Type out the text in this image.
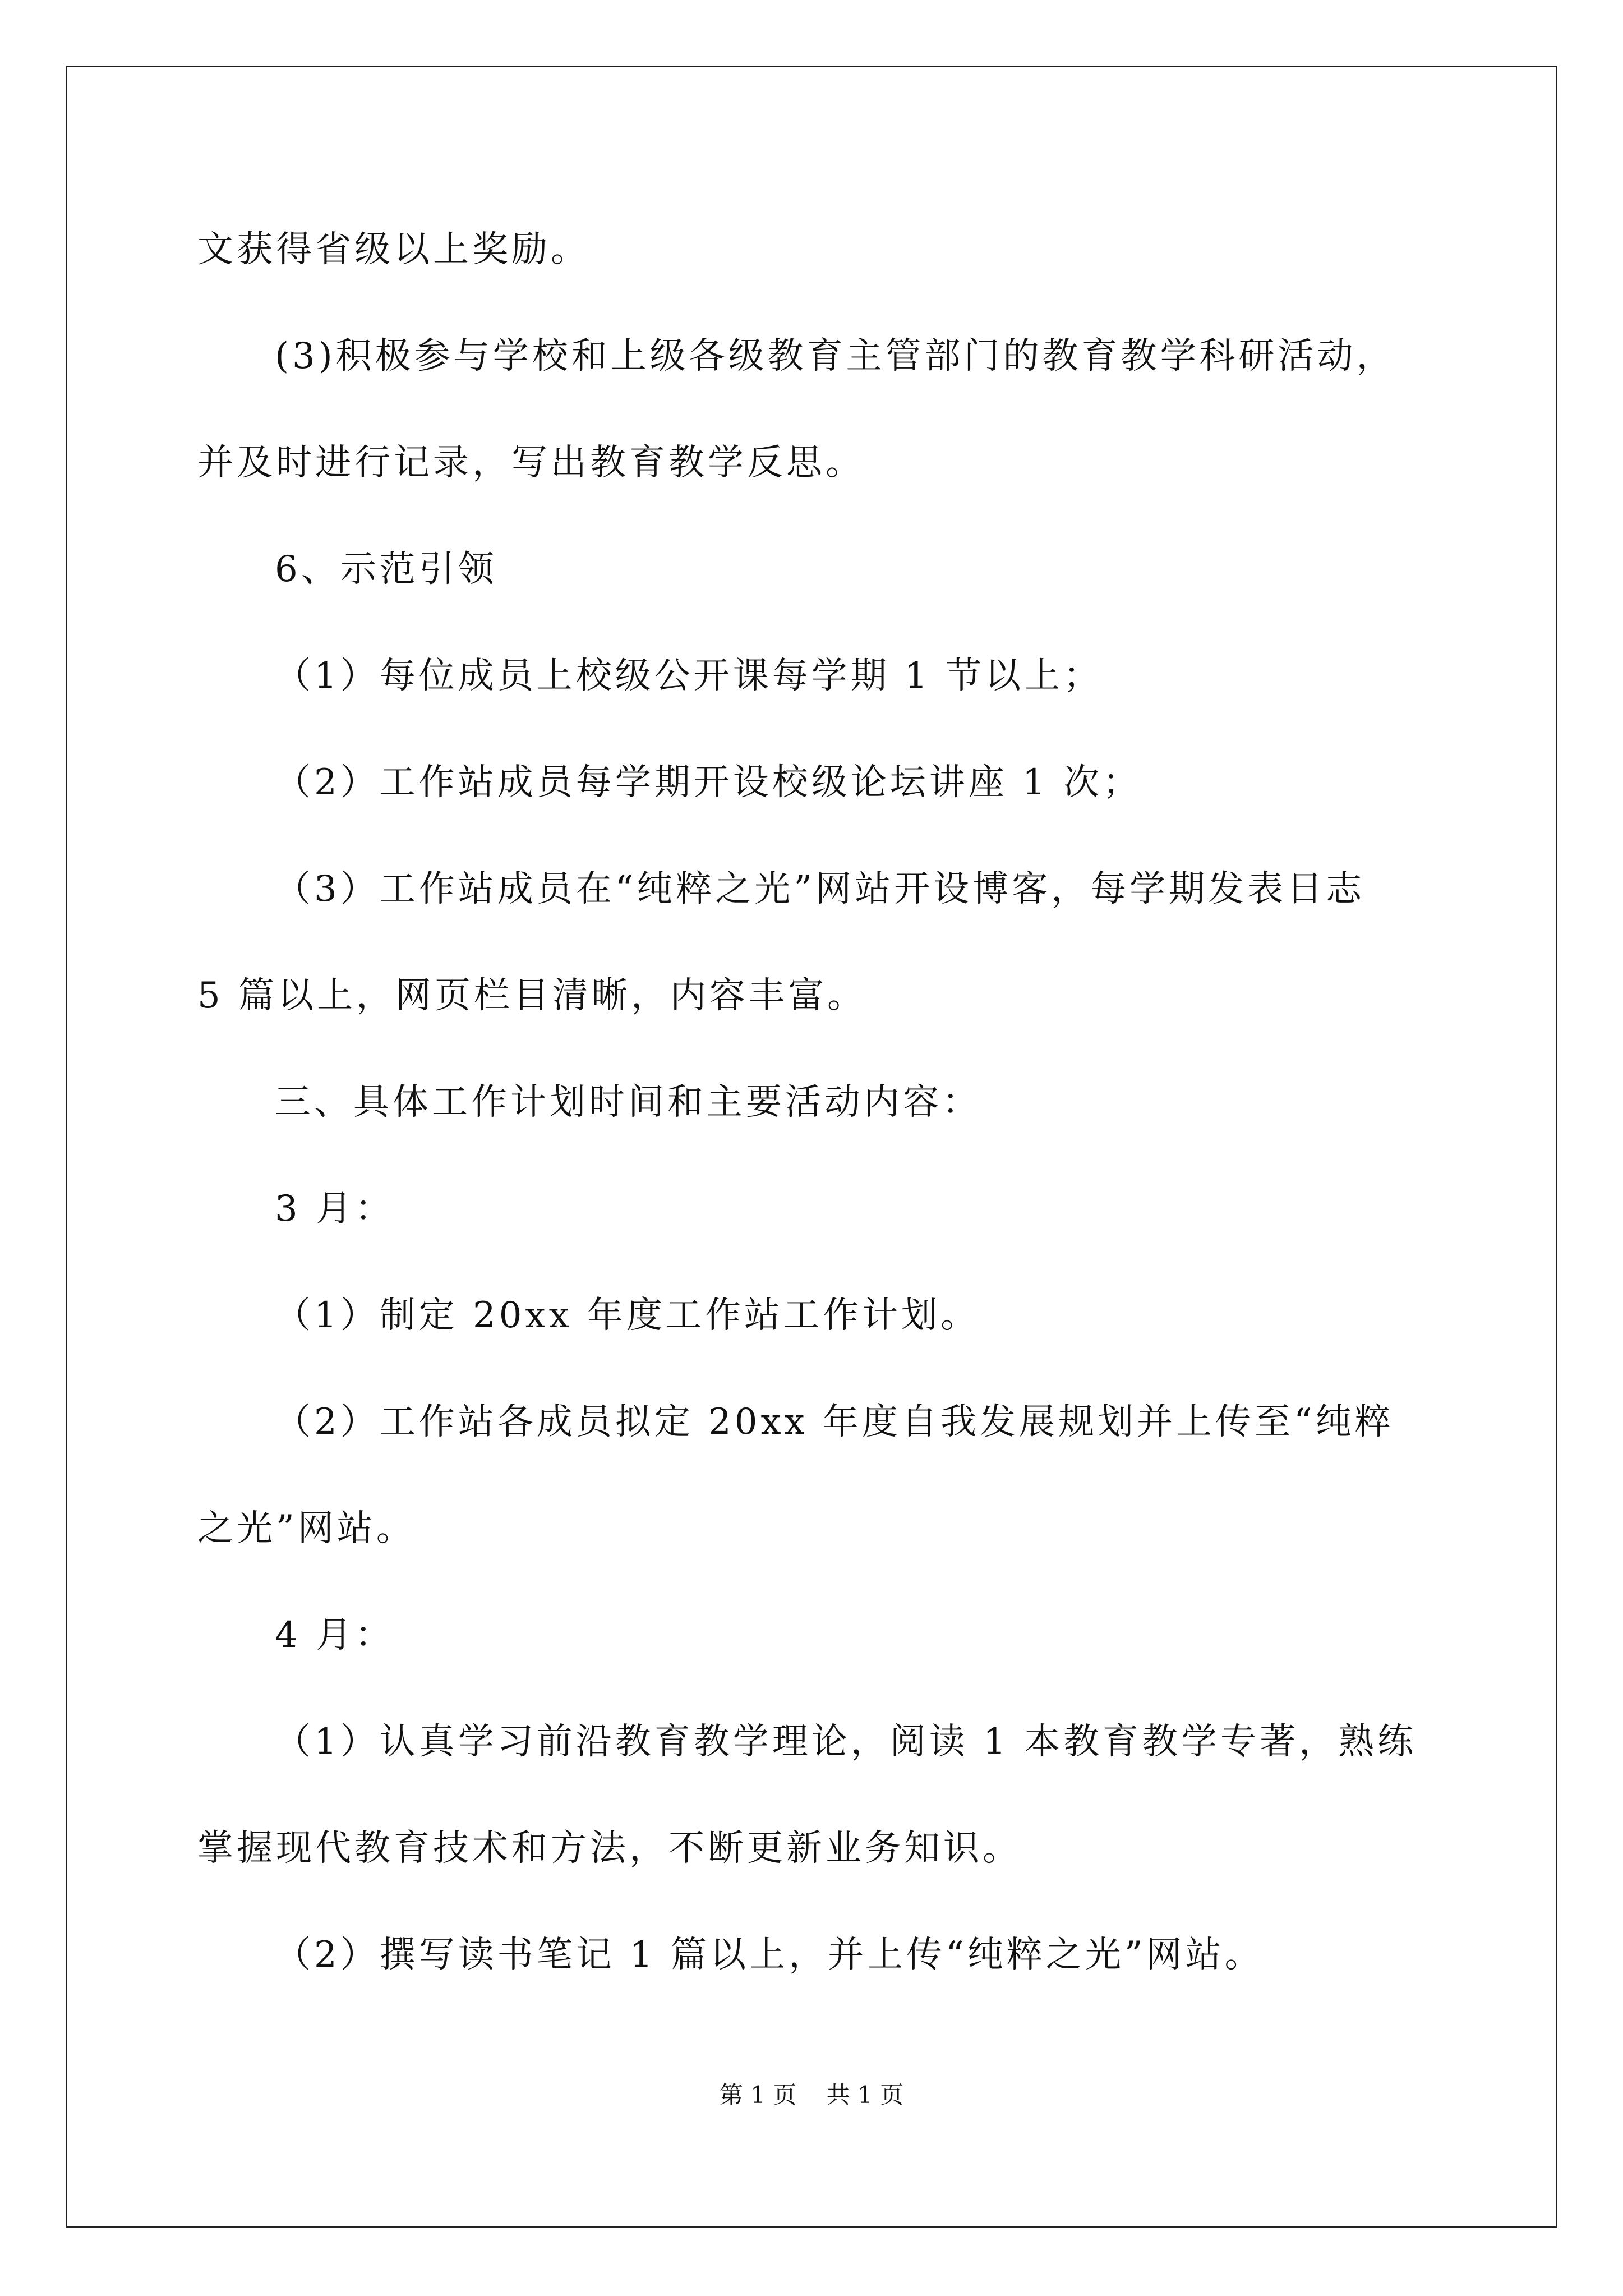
文获得省级以上奖励。
(3)积极参与学校和上级各级教育主管部门的教育教学科研活动，
并及时进行记录，写出教育教学反思。
6、示范引领
（1）每位成员上校级公开课每学期 1 节以上；
（2）工作站成员每学期开设校级论坛讲座 1 次；
（3）工作站成员在“纯粹之光”网站开设博客，每学期发表日志
5 篇以上，网页栏目清晰，内容丰富。
三、具体工作计划时间和主要活动内容：
3 月：
（1）制定 20xx 年度工作站工作计划。
（2）工作站各成员拟定 20xx 年度自我发展规划并上传至“纯粹
之光”网站。
4 月：
（1）认真学习前沿教育教学理论，阅读 1 本教育教学专著，熟练
掌握现代教育技术和方法，不断更新业务知识。
（2）撰写读书笔记 1 篇以上，并上传“纯粹之光”网站。
第 1 页    共 1 页
